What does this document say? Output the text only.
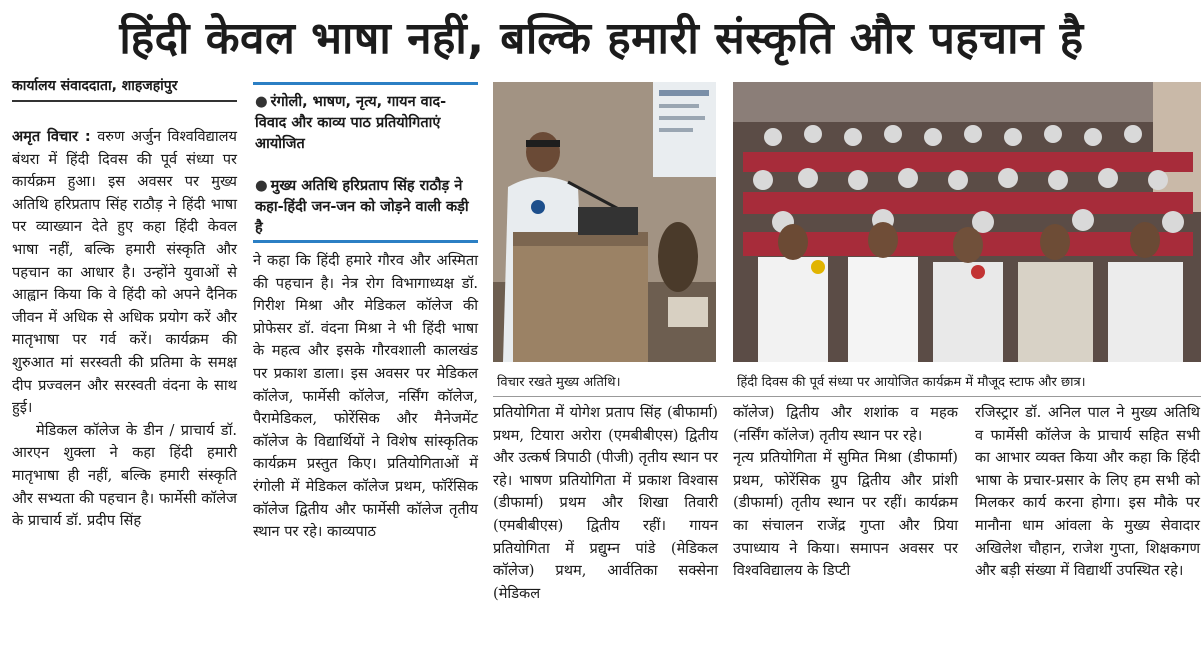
हिंदी केवल भाषा नहीं, बल्कि हमारी संस्कृति और पहचान है
कार्यालय संवाददाता, शाहजहांपुर

अमृत विचार : वरुण अर्जुन विश्वविद्यालय बंथरा में हिंदी दिवस की पूर्व संध्या पर कार्यक्रम हुआ। इस अवसर पर मुख्य अतिथि हरिप्रताप सिंह राठौड़ ने हिंदी भाषा पर व्याख्यान देते हुए कहा हिंदी केवल भाषा नहीं, बल्कि हमारी संस्कृति और पहचान का आधार है। उन्होंने युवाओं से आह्वान किया कि वे हिंदी को अपने दैनिक जीवन में अधिक से अधिक प्रयोग करें और मातृभाषा पर गर्व करें। कार्यक्रम की शुरुआत मां सरस्वती की प्रतिमा के समक्ष दीप प्रज्वलन और सरस्वती वंदना के साथ हुई।

मेडिकल कॉलेज के डीन / प्राचार्य डॉ. आरएन शुक्ला ने कहा हिंदी हमारी मातृभाषा ही नहीं, बल्कि हमारी संस्कृति और सभ्यता की पहचान है। फार्मेसी कॉलेज के प्राचार्य डॉ. प्रदीप सिंह

● रंगोली, भाषण, नृत्य, गायन वाद-विवाद और काव्य पाठ प्रतियोगिताएं आयोजित
● मुख्य अतिथि हरिप्रताप सिंह राठौड़ ने कहा-हिंदी जन-जन को जोड़ने वाली कड़ी है

ने कहा कि हिंदी हमारे गौरव और अस्मिता की पहचान है। नेत्र रोग विभागाध्यक्ष डॉ. गिरीश मिश्रा और मेडिकल कॉलेज की प्रोफेसर डॉ. वंदना मिश्रा ने भी हिंदी भाषा के महत्व और इसके गौरवशाली कालखंड पर प्रकाश डाला। इस अवसर पर मेडिकल कॉलेज, फार्मेसी कॉलेज, नर्सिंग कॉलेज, पैरामेडिकल, फोरेंसिक और मैनेजमेंट कॉलेज के विद्यार्थियों ने विशेष सांस्कृतिक कार्यक्रम प्रस्तुत किए। प्रतियोगिताओं में रंगोली में मेडिकल कॉलेज प्रथम, फॉरेंसिक कॉलेज द्वितीय और फार्मेसी कॉलेज तृतीय स्थान पर रहे। काव्यपाठ

विचार रखते मुख्य अतिथि।	हिंदी दिवस की पूर्व संध्या पर आयोजित कार्यक्रम में मौजूद स्टाफ और छात्र।

प्रतियोगिता में योगेश प्रताप सिंह (बीफार्मा) प्रथम, टियारा अरोरा (एमबीबीएस) द्वितीय और उत्कर्ष त्रिपाठी (पीजी) तृतीय स्थान पर रहे। भाषण प्रतियोगिता में प्रकाश विश्वास (डीफार्मा) प्रथम और शिखा तिवारी (एमबीबीएस) द्वितीय रहीं। गायन प्रतियोगिता में प्रद्युम्न पांडे (मेडिकल कॉलेज) प्रथम, आर्वतिका सक्सेना (मेडिकल

कॉलेज) द्वितीय और शशांक व महक (नर्सिंग कॉलेज) तृतीय स्थान पर रहे।

नृत्य प्रतियोगिता में सुमित मिश्रा (डीफार्मा) प्रथम, फोरेंसिक ग्रुप द्वितीय और प्रांशी (डीफार्मा) तृतीय स्थान पर रहीं। कार्यक्रम का संचालन राजेंद्र गुप्ता और प्रिया उपाध्याय ने किया। समापन अवसर पर विश्वविद्यालय के डिप्टी

रजिस्ट्रार डॉ. अनिल पाल ने मुख्य अतिथि व फार्मेसी कॉलेज के प्राचार्य सहित सभी का आभार व्यक्त किया और कहा कि हिंदी भाषा के प्रचार-प्रसार के लिए हम सभी को मिलकर कार्य करना होगा। इस मौके पर मानौना धाम आंवला के मुख्य सेवादार अखिलेश चौहान, राजेश गुप्ता, शिक्षकगण और बड़ी संख्या में विद्यार्थी उपस्थित रहे।
